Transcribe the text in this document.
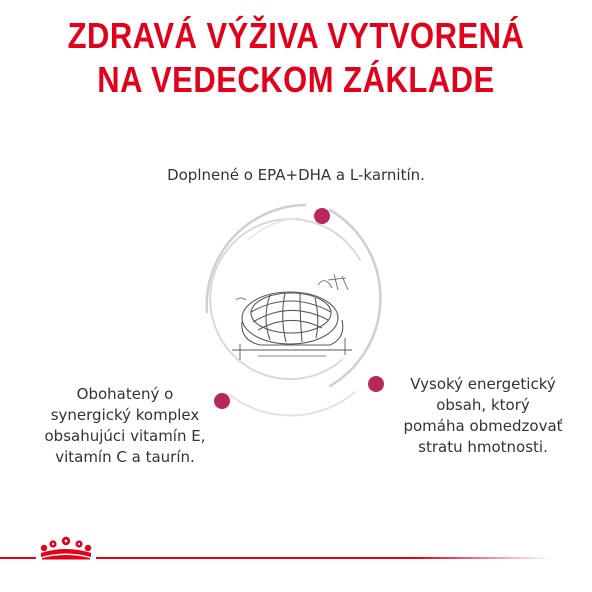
ZDRAVÁ VÝŽIVA VYTVORENÁ
NA VEDECKOM ZÁKLADE
Doplnené o EPA+DHA a L-karnitín.
Obohatený o
synergický komplex
obsahujúci vitamín E,
vitamín C a taurín.
Vysoký energetický
obsah, ktorý
pomáha obmedzovať
stratu hmotnosti.
